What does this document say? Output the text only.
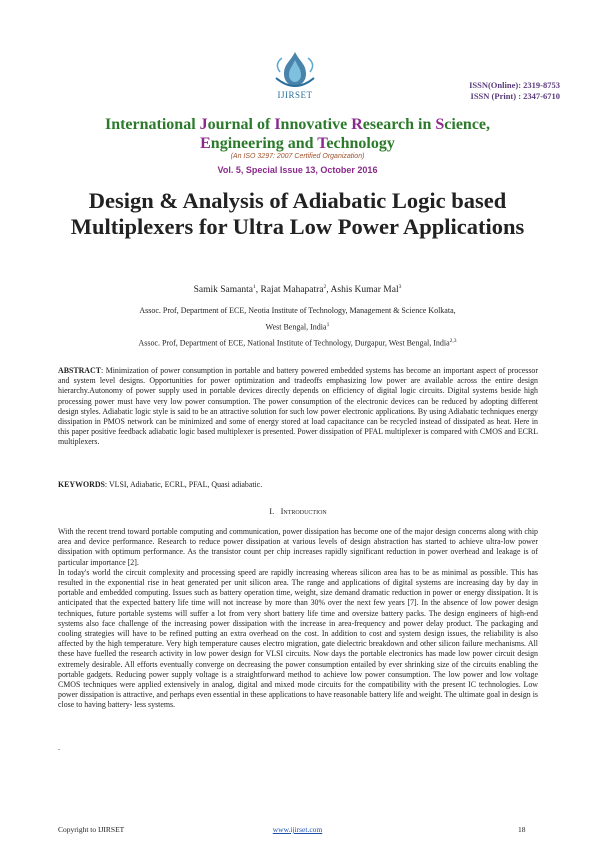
IJIRSET
ISSN(Online): 2319-8753
ISSN (Print) : 2347-6710
International Journal of Innovative Research in Science,
Engineering and Technology
(An ISO 3297: 2007 Certified Organization)
Vol. 5, Special Issue 13, October 2016
Design & Analysis of Adiabatic Logic based Multiplexers for Ultra Low Power Applications
Samik Samanta$^1$, Rajat Mahapatra$^2$, Ashis Kumar Mal$^3$
Assoc. Prof, Department of ECE, Neotia Institute of Technology, Management & Science Kolkata,
West Bengal, India$^1$
Assoc. Prof, Department of ECE, National Institute of Technology, Durgapur, West Bengal, India$^{2,3}$
ABSTRACT: Minimization of power consumption in portable and battery powered embedded systems has become an important aspect of processor and system level designs. Opportunities for power optimization and tradeoffs emphasizing low power are available across the entire design hierarchy.Autonomy of power supply used in portable devices directly depends on efficiency of digital logic circuits. Digital systems beside high processing power must have very low power consumption. The power consumption of the electronic devices can be reduced by adopting different design styles. Adiabatic logic style is said to be an attractive solution for such low power electronic applications. By using Adiabatic techniques energy dissipation in PMOS network can be minimized and some of energy stored at load capacitance can be recycled instead of dissipated as heat. Here in this paper positive feedback adiabatic logic based multiplexer is presented. Power dissipation of PFAL multiplexer is compared with CMOS and ECRL multiplexers.
KEYWORDS: VLSI, Adiabatic, ECRL, PFAL, Quasi adiabatic.
I. Introduction
With the recent trend toward portable computing and communication, power dissipation has become one of the major design concerns along with chip area and device performance. Research to reduce power dissipation at various levels of design abstraction has started to achieve ultra-low power dissipation with optimum performance. As the transistor count per chip increases rapidly significant reduction in power overhead and leakage is of particular importance [2].
In today's world the circuit complexity and processing speed are rapidly increasing whereas silicon area has to be as minimal as possible. This has resulted in the exponential rise in heat generated per unit silicon area. The range and applications of digital systems are increasing day by day in portable and embedded computing. Issues such as battery operation time, weight, size demand dramatic reduction in power or energy dissipation. It is anticipated that the expected battery life time will not increase by more than 30% over the next few years [7]. In the absence of low power design techniques, future portable systems will suffer a lot from very short battery life time and oversize battery packs. The design engineers of high-end systems also face challenge of the increasing power dissipation with the increase in area-frequency and power delay product. The packaging and cooling strategies will have to be refined putting an extra overhead on the cost. In addition to cost and system design issues, the reliability is also affected by the high temperature. Very high temperature causes electro migration, gate dielectric breakdown and other silicon failure mechanisms. All these have fuelled the research activity in low power design for VLSI circuits. Now days the portable electronics has made low power circuit design extremely desirable. All efforts eventually converge on decreasing the power consumption entailed by ever shrinking size of the circuits enabling the portable gadgets. Reducing power supply voltage is a straightforward method to achieve low power consumption. The low power and low voltage CMOS techniques were applied extensively in analog, digital and mixed mode circuits for the compatibility with the present IC technologies. Low power dissipation is attractive, and perhaps even essential in these applications to have reasonable battery life and weight. The ultimate goal in design is close to having battery- less systems.
.
Copyright to IJIRSET	www.ijirset.com	18
